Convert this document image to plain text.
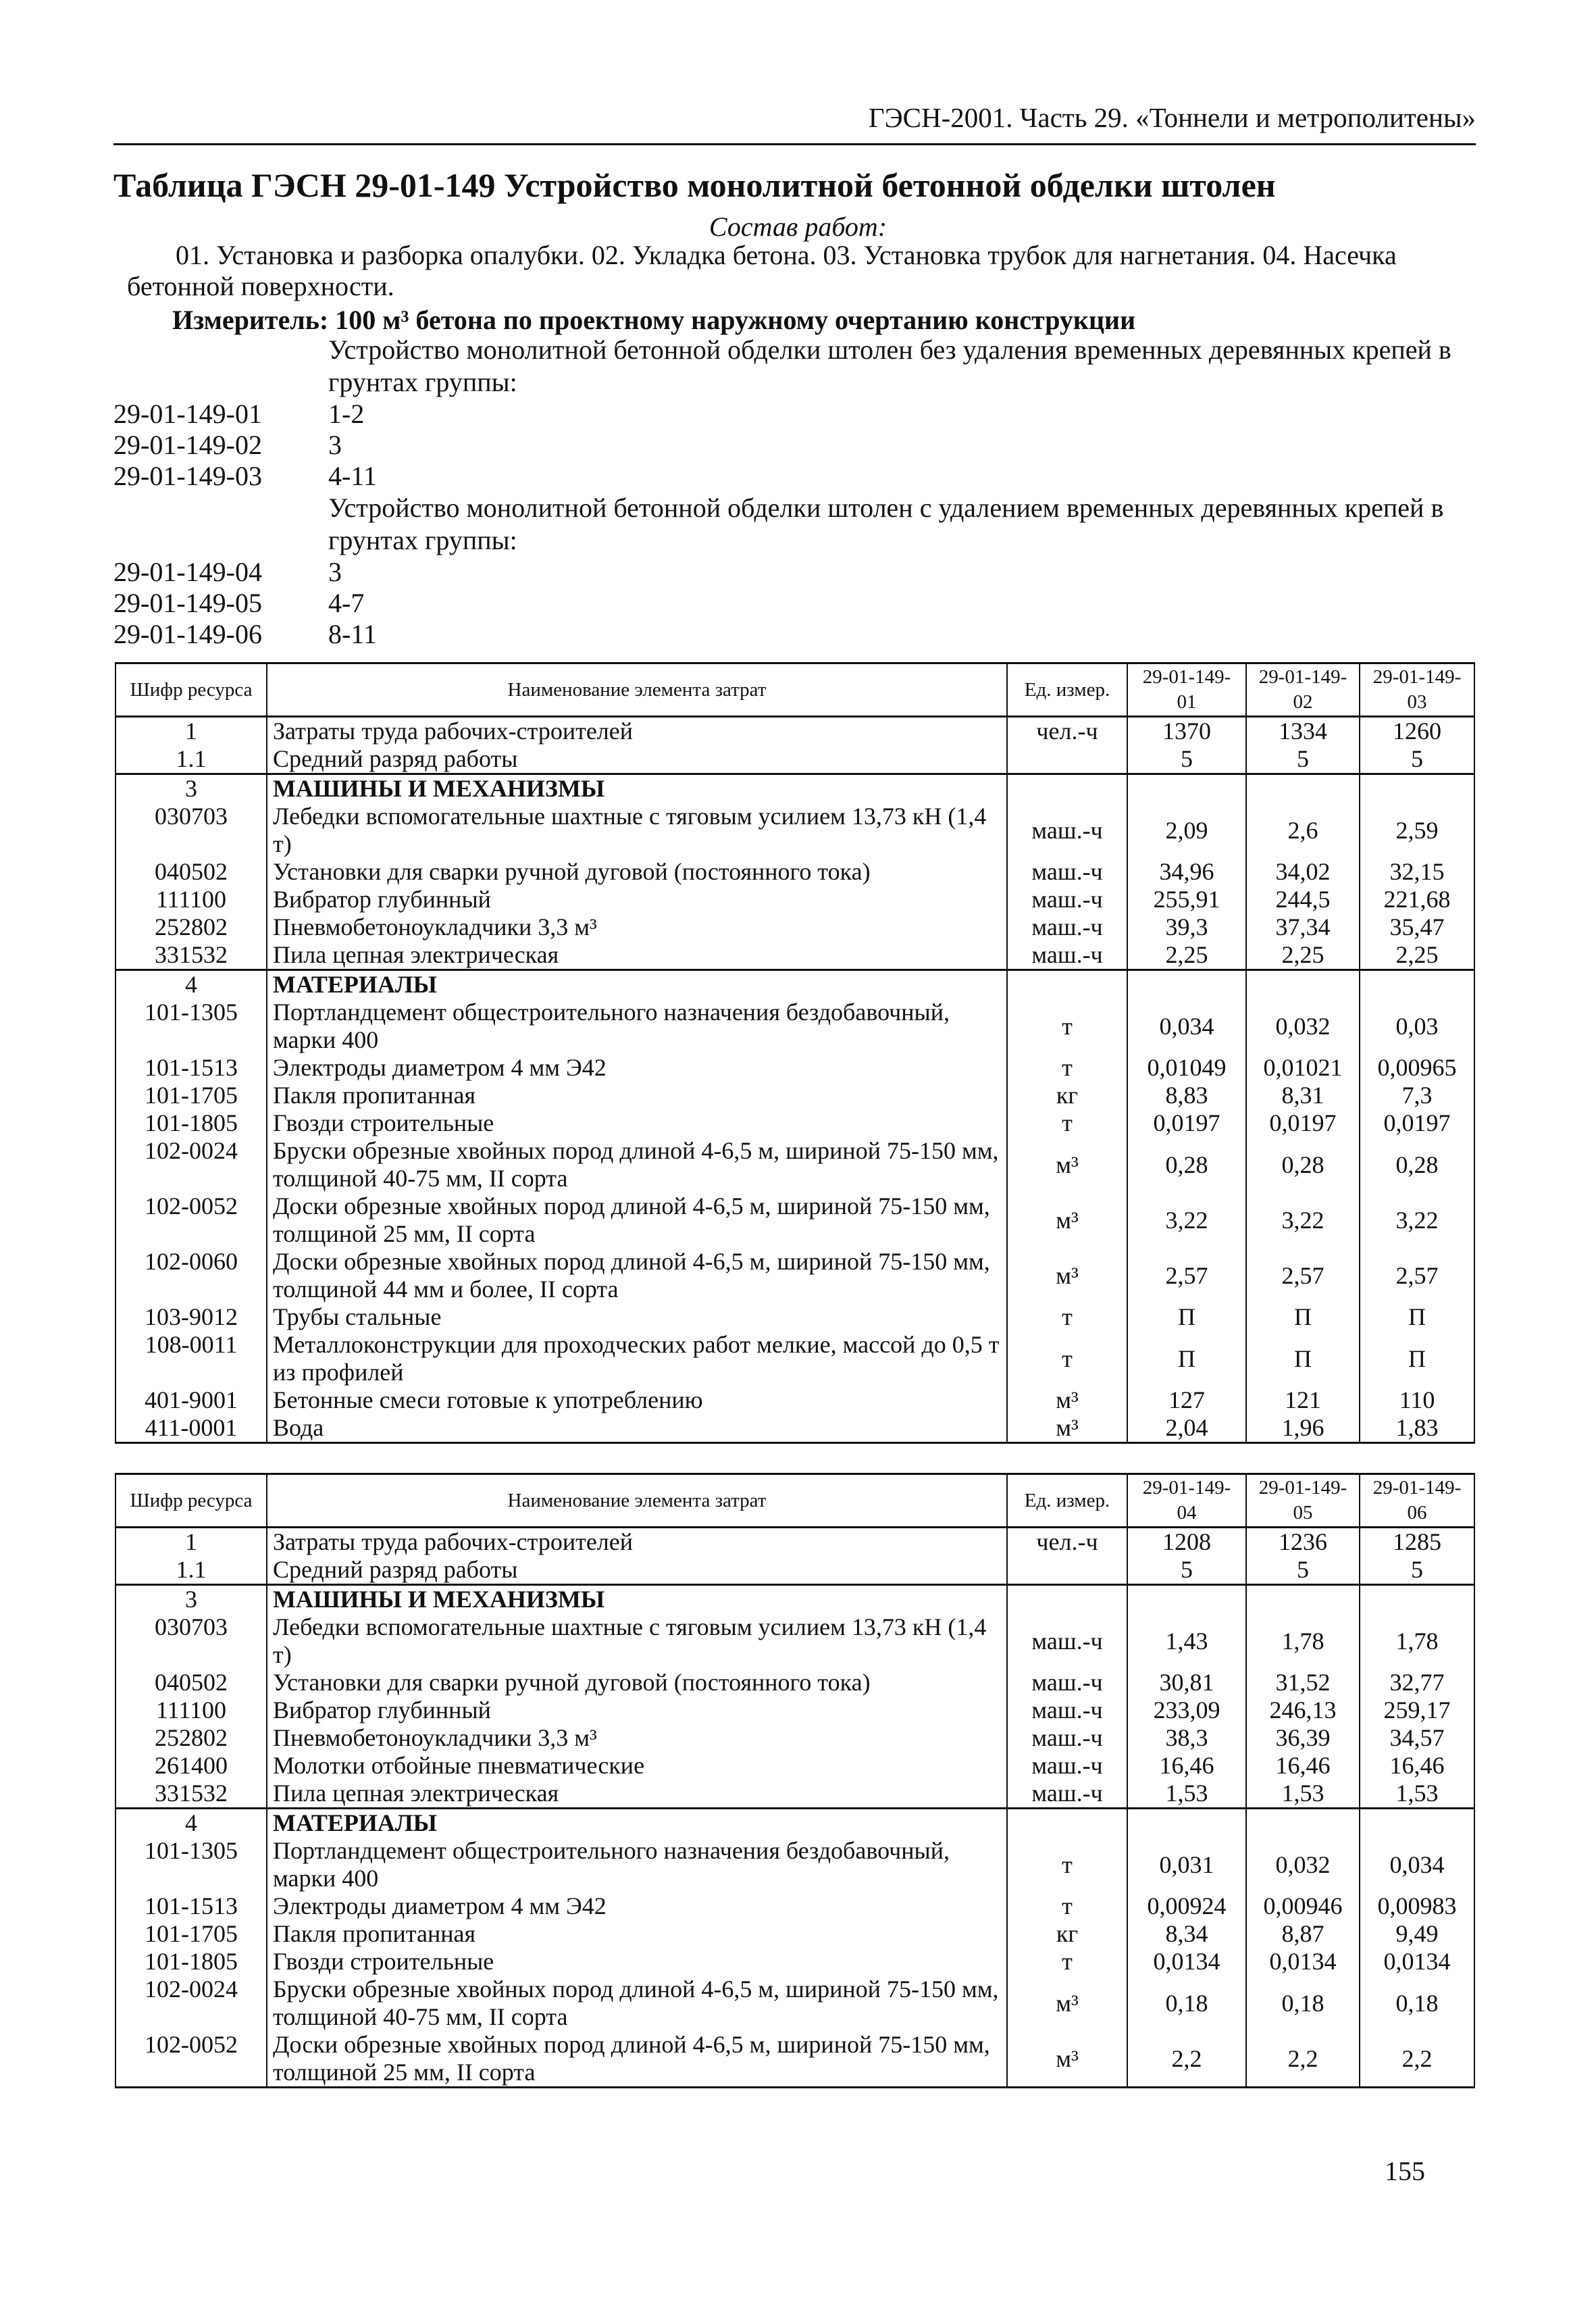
ГЭСН-2001. Часть 29. «Тоннели и метрополитены»
Таблица ГЭСН 29-01-149 Устройство монолитной бетонной обделки штолен
Состав работ:
01. Установка и разборка опалубки. 02. Укладка бетона. 03. Установка трубок для нагнетания. 04. Насечка бетонной поверхности.
Измеритель: 100 м³ бетона по проектному наружному очертанию конструкции
Устройство монолитной бетонной обделки штолен без удаления временных деревянных крепей в грунтах группы:
29-01-149-01	1-2
29-01-149-02	3
29-01-149-03	4-11
Устройство монолитной бетонной обделки штолен с удалением временных деревянных крепей в грунтах группы:
29-01-149-04	3
29-01-149-05	4-7
29-01-149-06	8-11
Шифр ресурса	Наименование элемента затрат	Ед. измер.	29-01-149-01	29-01-149-02	29-01-149-03
1	Затраты труда рабочих-строителей	чел.-ч	1370	1334	1260
1.1	Средний разряд работы		5	5	5
3	МАШИНЫ И МЕХАНИЗМЫ				
030703	Лебедки вспомогательные шахтные с тяговым усилием 13,73 кН (1,4 т)	маш.-ч	2,09	2,6	2,59
040502	Установки для сварки ручной дуговой (постоянного тока)	маш.-ч	34,96	34,02	32,15
111100	Вибратор глубинный	маш.-ч	255,91	244,5	221,68
252802	Пневмобетоноукладчики 3,3 м³	маш.-ч	39,3	37,34	35,47
331532	Пила цепная электрическая	маш.-ч	2,25	2,25	2,25
4	МАТЕРИАЛЫ				
101-1305	Портландцемент общестроительного назначения бездобавочный, марки 400	т	0,034	0,032	0,03
101-1513	Электроды диаметром 4 мм Э42	т	0,01049	0,01021	0,00965
101-1705	Пакля пропитанная	кг	8,83	8,31	7,3
101-1805	Гвозди строительные	т	0,0197	0,0197	0,0197
102-0024	Бруски обрезные хвойных пород длиной 4-6,5 м, шириной 75-150 мм, толщиной 40-75 мм, II сорта	м³	0,28	0,28	0,28
102-0052	Доски обрезные хвойных пород длиной 4-6,5 м, шириной 75-150 мм, толщиной 25 мм, II сорта	м³	3,22	3,22	3,22
102-0060	Доски обрезные хвойных пород длиной 4-6,5 м, шириной 75-150 мм, толщиной 44 мм и более, II сорта	м³	2,57	2,57	2,57
103-9012	Трубы стальные	т	П	П	П
108-0011	Металлоконструкции для проходческих работ мелкие, массой до 0,5 т из профилей	т	П	П	П
401-9001	Бетонные смеси готовые к употреблению	м³	127	121	110
411-0001	Вода	м³	2,04	1,96	1,83
Шифр ресурса	Наименование элемента затрат	Ед. измер.	29-01-149-04	29-01-149-05	29-01-149-06
1	Затраты труда рабочих-строителей	чел.-ч	1208	1236	1285
1.1	Средний разряд работы		5	5	5
3	МАШИНЫ И МЕХАНИЗМЫ				
030703	Лебедки вспомогательные шахтные с тяговым усилием 13,73 кН (1,4 т)	маш.-ч	1,43	1,78	1,78
040502	Установки для сварки ручной дуговой (постоянного тока)	маш.-ч	30,81	31,52	32,77
111100	Вибратор глубинный	маш.-ч	233,09	246,13	259,17
252802	Пневмобетоноукладчики 3,3 м³	маш.-ч	38,3	36,39	34,57
261400	Молотки отбойные пневматические	маш.-ч	16,46	16,46	16,46
331532	Пила цепная электрическая	маш.-ч	1,53	1,53	1,53
4	МАТЕРИАЛЫ				
101-1305	Портландцемент общестроительного назначения бездобавочный, марки 400	т	0,031	0,032	0,034
101-1513	Электроды диаметром 4 мм Э42	т	0,00924	0,00946	0,00983
101-1705	Пакля пропитанная	кг	8,34	8,87	9,49
101-1805	Гвозди строительные	т	0,0134	0,0134	0,0134
102-0024	Бруски обрезные хвойных пород длиной 4-6,5 м, шириной 75-150 мм, толщиной 40-75 мм, II сорта	м³	0,18	0,18	0,18
102-0052	Доски обрезные хвойных пород длиной 4-6,5 м, шириной 75-150 мм, толщиной 25 мм, II сорта	м³	2,2	2,2	2,2
155
